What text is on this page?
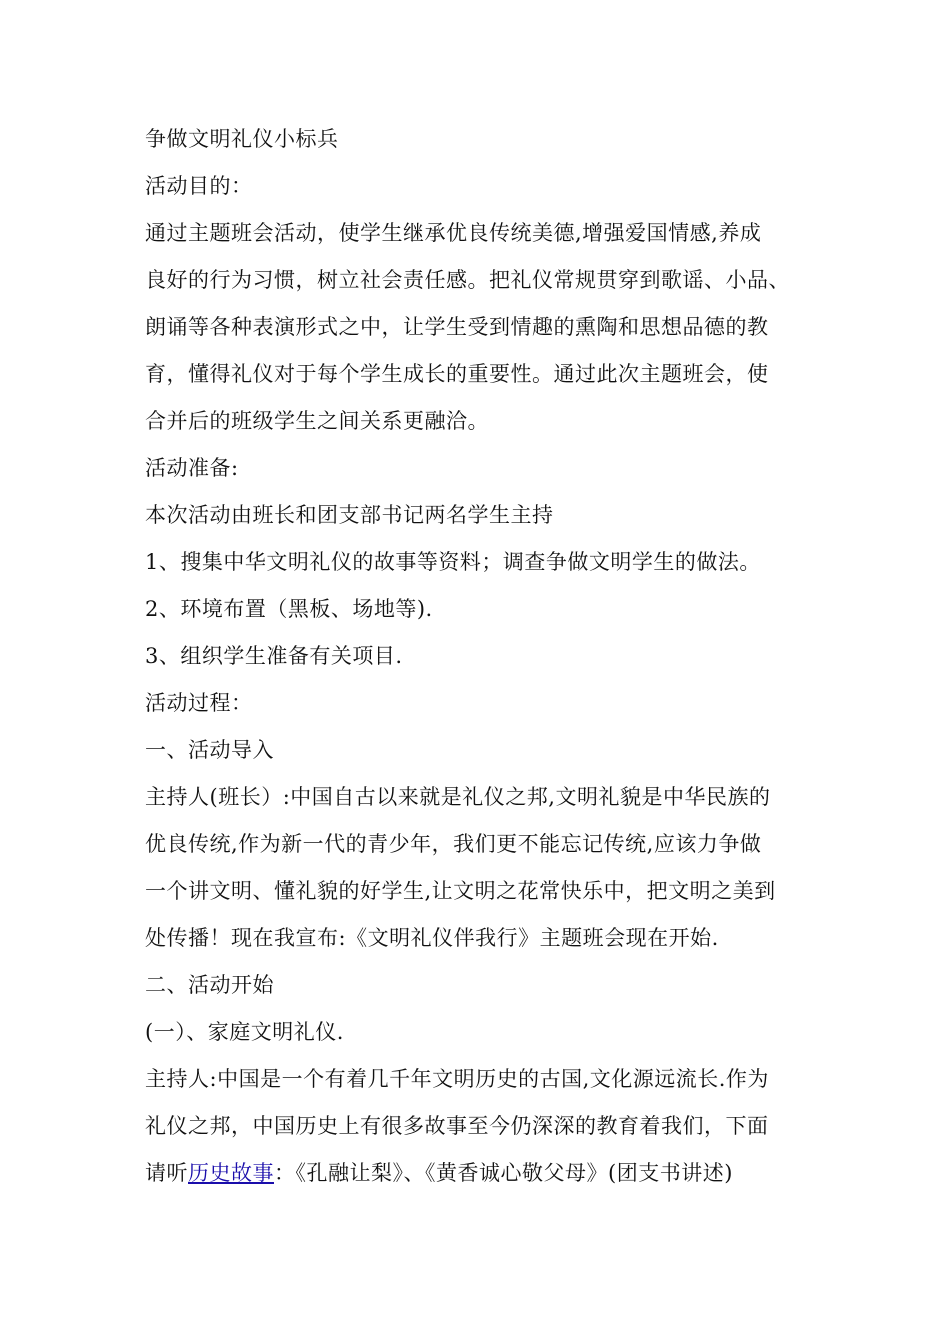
争做文明礼仪小标兵
活动目的：
通过主题班会活动，使学生继承优良传统美德,增强爱国情感,养成
良好的行为习惯，树立社会责任感。把礼仪常规贯穿到歌谣、小品、
朗诵等各种表演形式之中，让学生受到情趣的熏陶和思想品德的教
育，懂得礼仪对于每个学生成长的重要性。通过此次主题班会，使
合并后的班级学生之间关系更融洽。
活动准备:
本次活动由班长和团支部书记两名学生主持
1、搜集中华文明礼仪的故事等资料；调查争做文明学生的做法。
2、环境布置（黑板、场地等).
3、组织学生准备有关项目.
活动过程：
一、活动导入
主持人(班长）:中国自古以来就是礼仪之邦,文明礼貌是中华民族的
优良传统,作为新一代的青少年，我们更不能忘记传统,应该力争做
一个讲文明、懂礼貌的好学生,让文明之花常快乐中，把文明之美到
处传播！现在我宣布:《文明礼仪伴我行》主题班会现在开始.
二、活动开始
(一）、家庭文明礼仪.
主持人:中国是一个有着几千年文明历史的古国,文化源远流长.作为
礼仪之邦，中国历史上有很多故事至今仍深深的教育着我们，下面
请听历史故事：《孔融让梨》、《黄香诚心敬父母》(团支书讲述)
